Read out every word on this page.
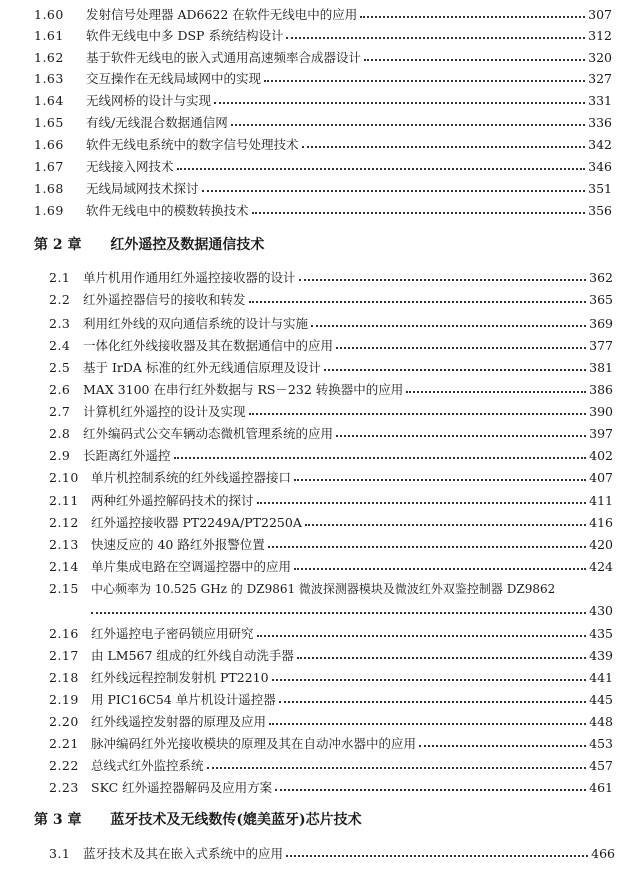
1.60	发射信号处理器 AD6622 在软件无线电中的应用	307
1.61	软件无线电中多 DSP 系统结构设计	312
1.62	基于软件无线电的嵌入式通用高速频率合成器设计	320
1.63	交互操作在无线局域网中的实现	327
1.64	无线网桥的设计与实现	331
1.65	有线/无线混合数据通信网	336
1.66	软件无线电系统中的数字信号处理技术	342
1.67	无线接入网技术	346
1.68	无线局域网技术探讨	351
1.69	软件无线电中的模数转换技术	356
第 2 章 红外遥控及数据通信技术
2.1	单片机用作通用红外遥控接收器的设计	362
2.2	红外遥控器信号的接收和转发	365
2.3	利用红外线的双向通信系统的设计与实施	369
2.4	一体化红外线接收器及其在数据通信中的应用	377
2.5	基于 IrDA 标准的红外无线通信原理及设计	381
2.6	MAX 3100 在串行红外数据与 RS－232 转换器中的应用	386
2.7	计算机红外遥控的设计及实现	390
2.8	红外编码式公交车辆动态微机管理系统的应用	397
2.9	长距离红外遥控	402
2.10 单片机控制系统的红外线遥控器接口	407
2.11 两种红外遥控解码技术的探讨	411
2.12 红外遥控接收器 PT2249A/PT2250A	416
2.13 快速反应的 40 路红外报警位置	420
2.14 单片集成电路在空调遥控器中的应用	424
2.15	中心频率为 10.525 GHz 的 DZ9861 微波探测器模块及微波红外双鉴控制器 DZ9862
430
2.16 红外遥控电子密码锁应用研究	435
2.17 由 LM567 组成的红外线自动洗手器	439
2.18 红外线远程控制发射机 PT2210	441
2.19 用 PIC16C54 单片机设计遥控器	445
2.20 红外线遥控发射器的原理及应用	448
2.21 脉冲编码红外光接收模块的原理及其在自动冲水器中的应用	453
2.22 总线式红外监控系统	457
2.23 SKC 红外遥控器解码及应用方案	461
第 3 章 蓝牙技术及无线数传(媲美蓝牙)芯片技术
3.1	蓝牙技术及其在嵌入式系统中的应用	466
